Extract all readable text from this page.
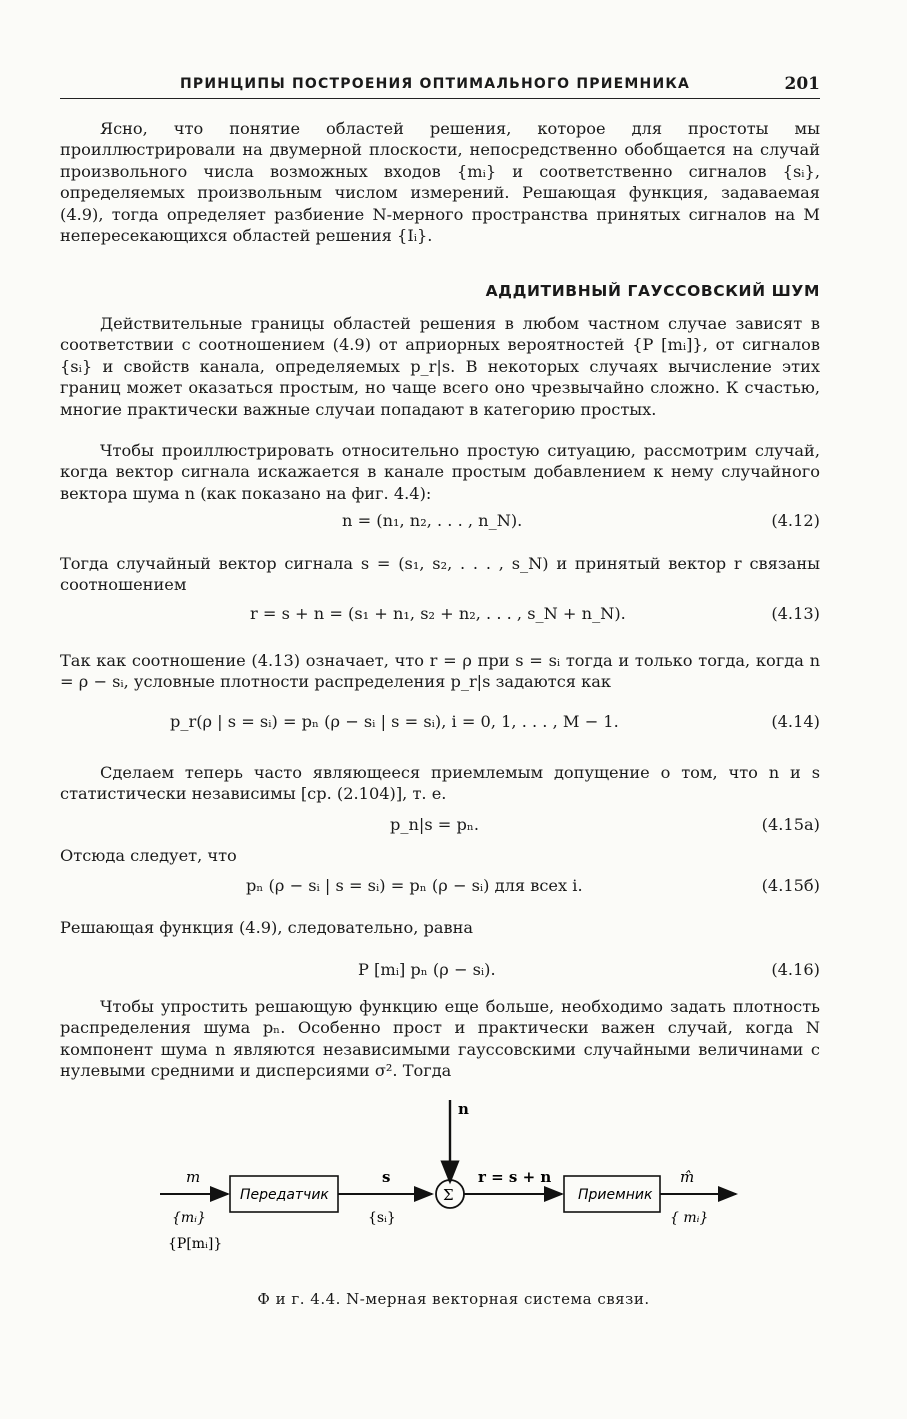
ПРИНЦИПЫ ПОСТРОЕНИЯ ОПТИМАЛЬНОГО ПРИЕМНИКА	201

Ясно, что понятие областей решения, которое для простоты мы проиллюстрировали на двумерной плоскости, непосредственно обобщается на случай произвольного числа возможных входов {mᵢ} и соответственно сигналов {sᵢ}, определяемых произвольным числом измерений. Решающая функция, задаваемая (4.9), тогда определяет разбиение N-мерного пространства принятых сигналов на M непересекающихся областей решения {Iᵢ}.

АДДИТИВНЫЙ ГАУССОВСКИЙ ШУМ

Действительные границы областей решения в любом частном случае зависят в соответствии с соотношением (4.9) от априорных вероятностей {P [mᵢ]}, от сигналов {sᵢ} и свойств канала, определяемых p_r|s. В некоторых случаях вычисление этих границ может оказаться простым, но чаще всего оно чрезвычайно сложно. К счастью, многие практически важные случаи попадают в категорию простых.

Чтобы проиллюстрировать относительно простую ситуацию, рассмотрим случай, когда вектор сигнала искажается в канале простым добавлением к нему случайного вектора шума n (как показано на фиг. 4.4):

n = (n₁, n₂, . . . , n_N).	(4.12)

Тогда случайный вектор сигнала s = (s₁, s₂, . . . , s_N) и принятый вектор r связаны соотношением

r = s + n = (s₁ + n₁, s₂ + n₂, . . . , s_N + n_N).	(4.13)

Так как соотношение (4.13) означает, что r = ρ при s = sᵢ тогда и только тогда, когда n = ρ − sᵢ, условные плотности распределения p_r|s задаются как

p_r(ρ | s = sᵢ) = pₙ (ρ − sᵢ | s = sᵢ), i = 0, 1, . . . , M − 1.	(4.14)

Сделаем теперь часто являющееся приемлемым допущение о том, что n и s статистически независимы [ср. (2.104)], т. е.

p_n|s = pₙ.	(4.15а)
Отсюда следует, что
pₙ (ρ − sᵢ | s = sᵢ) = pₙ (ρ − sᵢ) для всех i.	(4.15б)
Решающая функция (4.9), следовательно, равна
P [mᵢ] pₙ (ρ − sᵢ).	(4.16)

Чтобы упростить решающую функцию еще больше, необходимо задать плотность распределения шума pₙ. Особенно прост и практически важен случай, когда N компонент шума n являются независимыми гауссовскими случайными величинами с нулевыми средними и дисперсиями σ². Тогда

m
{mᵢ}
{P[mᵢ]}
Передатчик
s
{sᵢ}
n
Σ
r = s + n
Приемник
m̂
{ mᵢ}
Ф и г. 4.4. N-мерная векторная система связи.
